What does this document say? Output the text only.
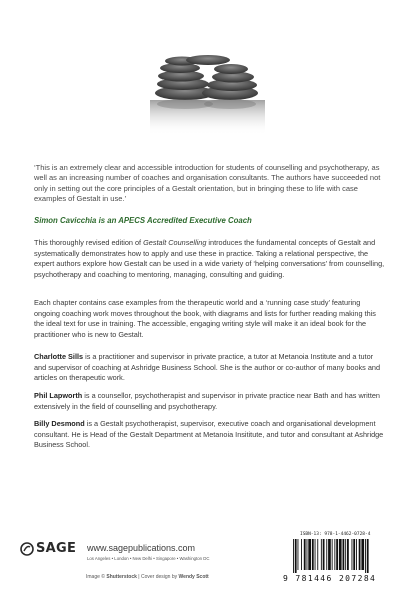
‘This is an extremely clear and accessible introduction for students of counselling and psychotherapy, as well as an increasing number of coaches and organisation consultants. The authors have succeeded not only in setting out the core principles of a Gestalt orientation, but in bringing these to life with case examples of Gestalt in use.’

Simon Cavicchia is an APECS Accredited Executive Coach

This thoroughly revised edition of Gestalt Counselling introduces the fundamental concepts of Gestalt and systematically demonstrates how to apply and use these in practice. Taking a relational perspective, the expert authors explore how Gestalt can be used in a wide variety of ‘helping conversations’ from counselling, psychotherapy and coaching to mentoring, managing, consulting and guiding.

Each chapter contains case examples from the therapeutic world and a ‘running case study’ featuring ongoing coaching work moves throughout the book, with diagrams and lists for further reading making this the ideal text for use in training. The accessible, engaging writing style will make it an ideal book for the practitioner who is new to Gestalt.

Charlotte Sills is a practitioner and supervisor in private practice, a tutor at Metanoia Institute and a tutor and supervisor of coaching at Ashridge Business School. She is the author or co-author of many books and articles on therapeutic work.

Phil Lapworth is a counsellor, psychotherapist and supervisor in private practice near Bath and has written extensively in the field of counselling and psychotherapy.

Billy Desmond is a Gestalt psychotherapist, supervisor, executive coach and organisational development consultant. He is Head of the Gestalt Department at Metanoia Insititute, and tutor and consultant at Ashridge Business School.

SAGE www.sagepublications.com
Los Angeles • London • New Delhi • Singapore • Washington DC
Image © Shutterstock | Cover design by Wendy Scott
ISBN-13: 978-1-4462-0728-4
9 781446 207284
